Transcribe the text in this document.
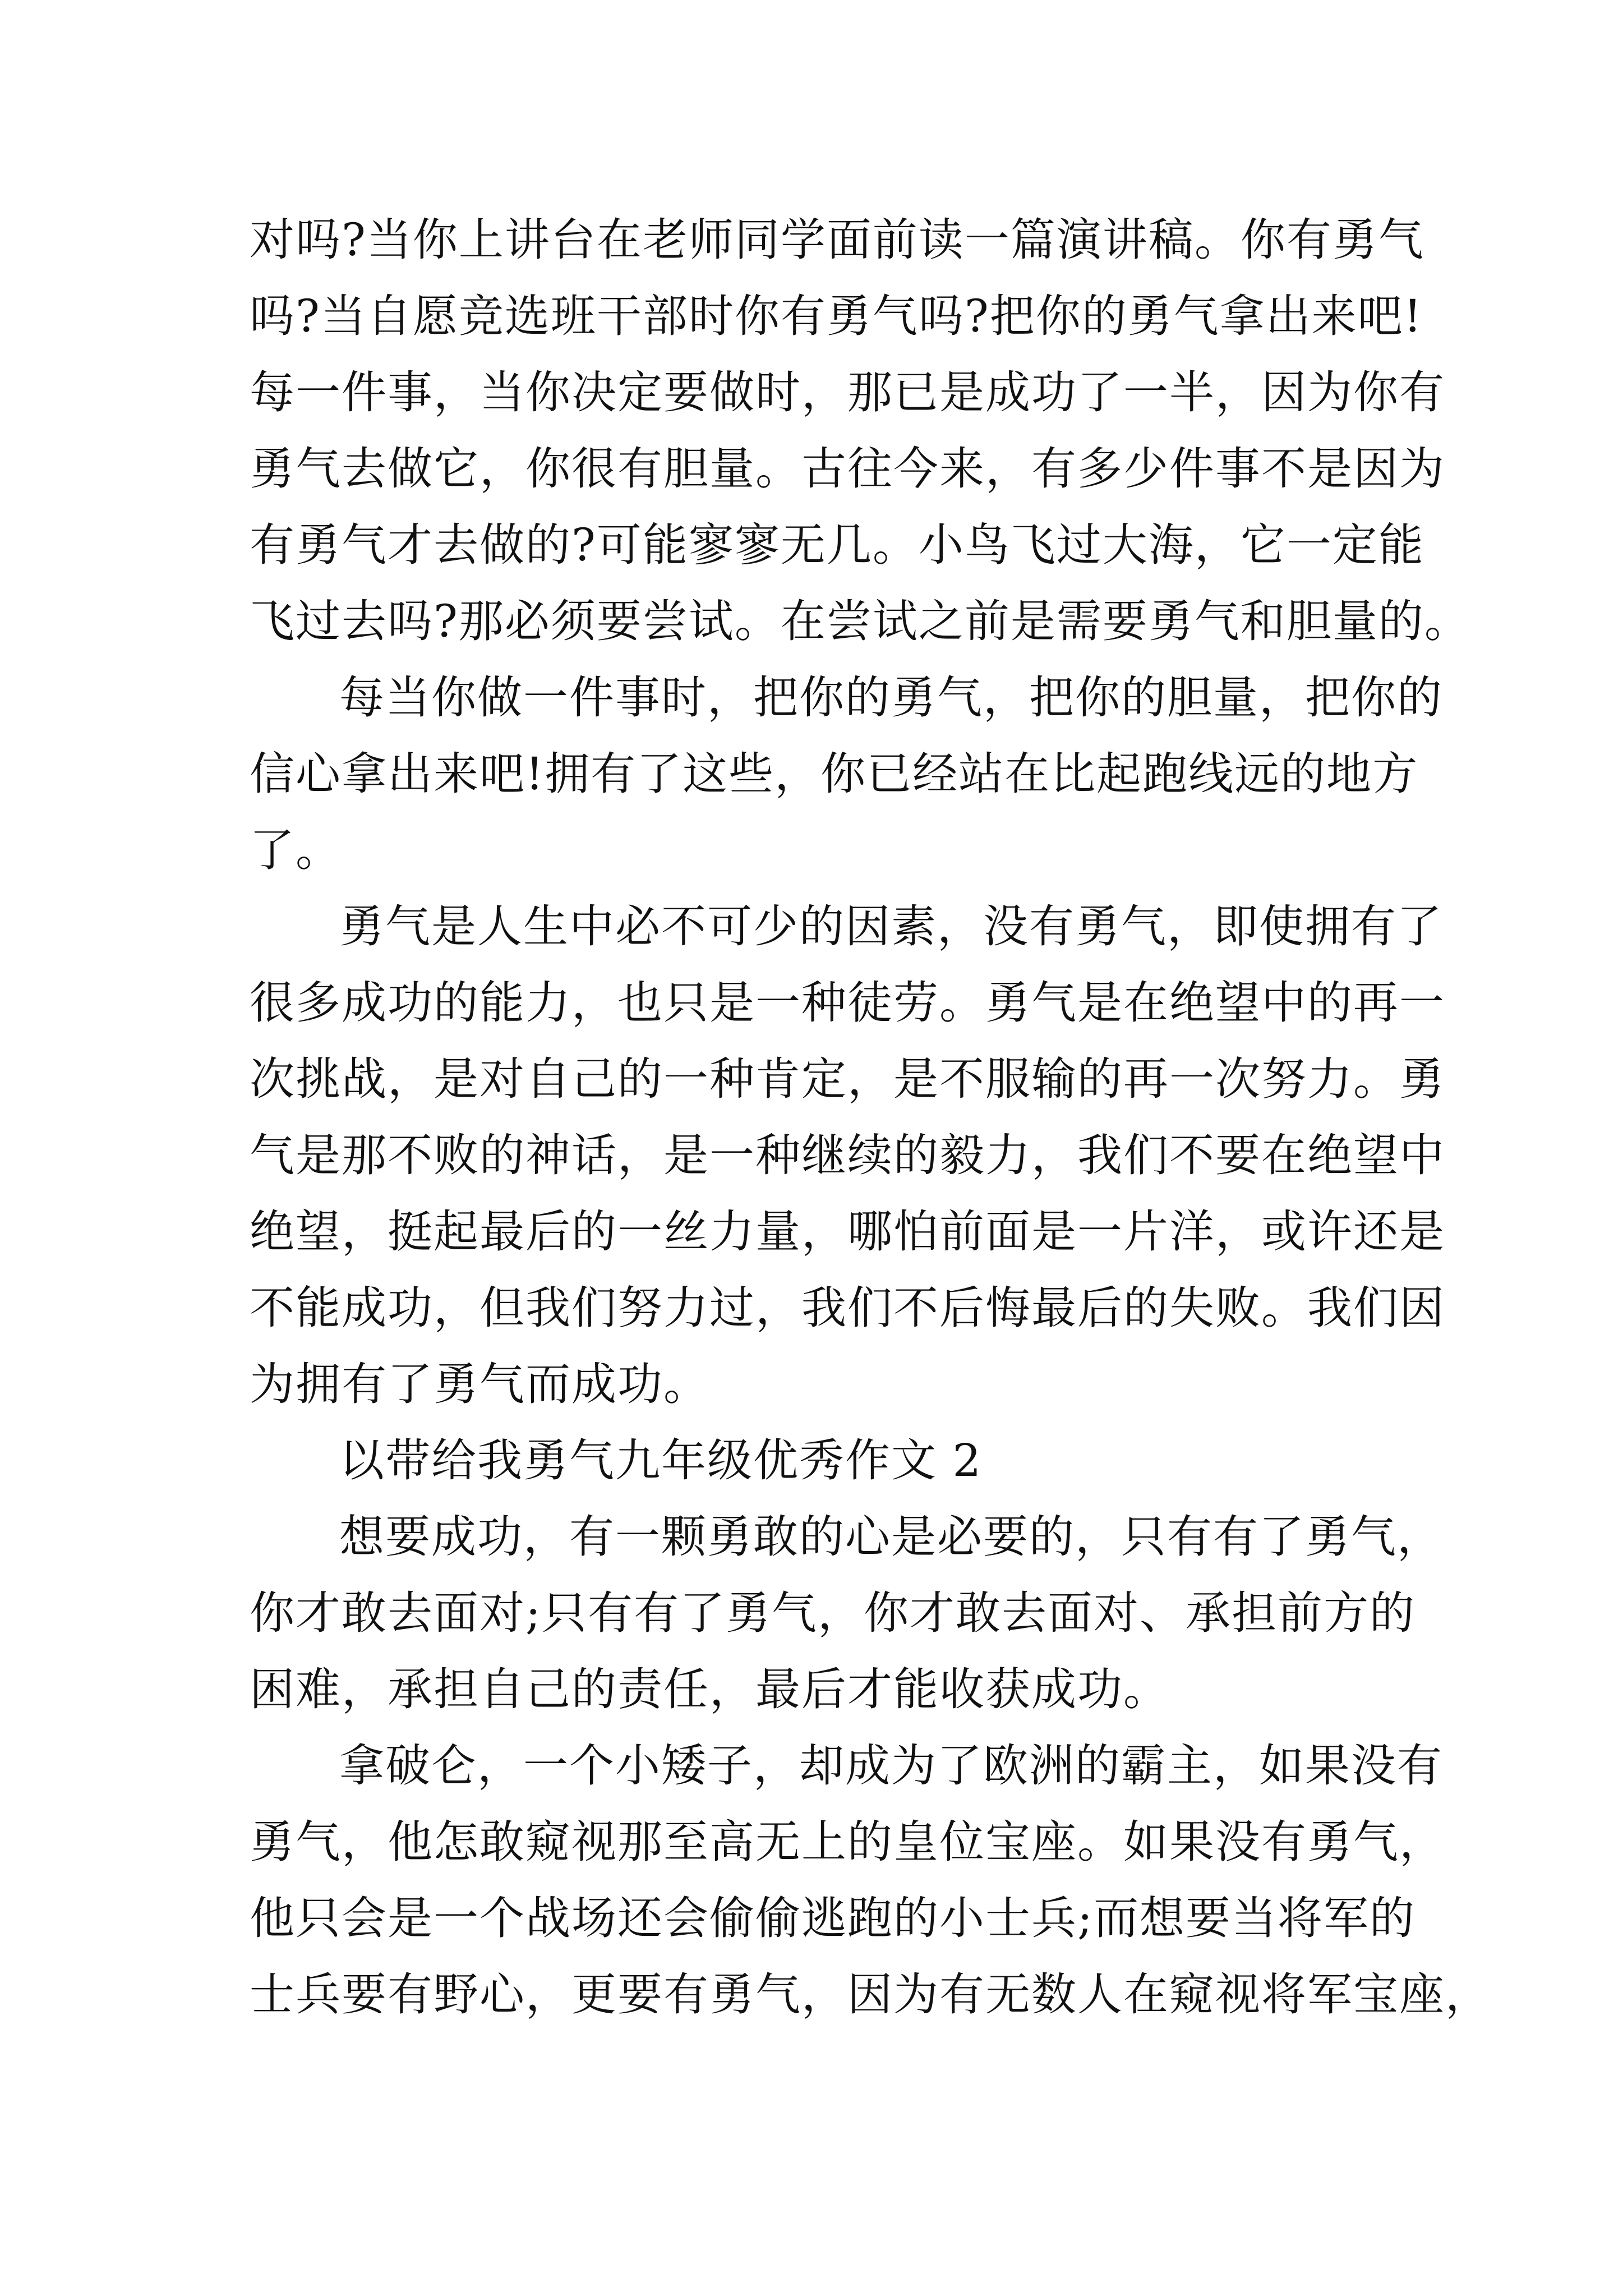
对吗?当你上讲台在老师同学面前读一篇演讲稿。你有勇气
吗?当自愿竞选班干部时你有勇气吗?把你的勇气拿出来吧!
每一件事，当你决定要做时，那已是成功了一半，因为你有
勇气去做它，你很有胆量。古往今来，有多少件事不是因为
有勇气才去做的?可能寥寥无几。小鸟飞过大海，它一定能
飞过去吗?那必须要尝试。在尝试之前是需要勇气和胆量的。
每当你做一件事时，把你的勇气，把你的胆量，把你的
信心拿出来吧!拥有了这些，你已经站在比起跑线远的地方
了。
勇气是人生中必不可少的因素，没有勇气，即使拥有了
很多成功的能力，也只是一种徒劳。勇气是在绝望中的再一
次挑战，是对自己的一种肯定，是不服输的再一次努力。勇
气是那不败的神话，是一种继续的毅力，我们不要在绝望中
绝望，挺起最后的一丝力量，哪怕前面是一片洋，或许还是
不能成功，但我们努力过，我们不后悔最后的失败。我们因
为拥有了勇气而成功。
以带给我勇气九年级优秀作文 2
想要成功，有一颗勇敢的心是必要的，只有有了勇气，
你才敢去面对;只有有了勇气，你才敢去面对、承担前方的
困难，承担自己的责任，最后才能收获成功。
拿破仑，一个小矮子，却成为了欧洲的霸主，如果没有
勇气，他怎敢窥视那至高无上的皇位宝座。如果没有勇气，
他只会是一个战场还会偷偷逃跑的小士兵;而想要当将军的
士兵要有野心，更要有勇气，因为有无数人在窥视将军宝座，
